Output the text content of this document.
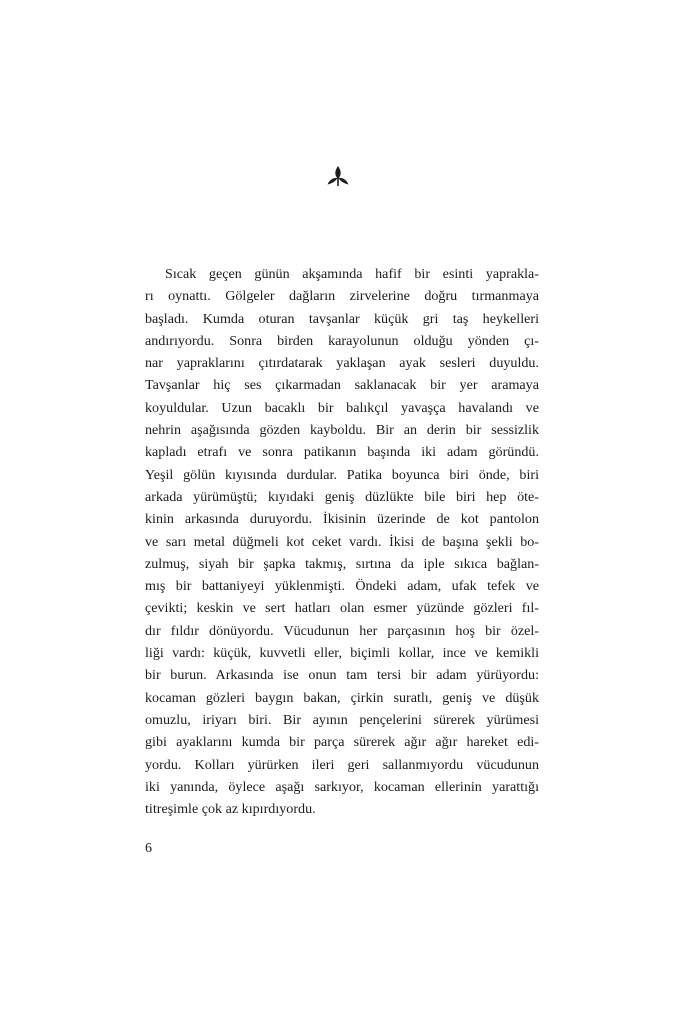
Sıcak geçen günün akşamında hafif bir esinti yaprakla-
rı oynattı. Gölgeler dağların zirvelerine doğru tırmanmaya
başladı. Kumda oturan tavşanlar küçük gri taş heykelleri
andırıyordu. Sonra birden karayolunun olduğu yönden çı-
nar yapraklarını çıtırdatarak yaklaşan ayak sesleri duyuldu.
Tavşanlar hiç ses çıkarmadan saklanacak bir yer aramaya
koyuldular. Uzun bacaklı bir balıkçıl yavaşça havalandı ve
nehrin aşağısında gözden kayboldu. Bir an derin bir sessizlik
kapladı etrafı ve sonra patikanın başında iki adam göründü.
Yeşil gölün kıyısında durdular. Patika boyunca biri önde, biri
arkada yürümüştü; kıyıdaki geniş düzlükte bile biri hep öte-
kinin arkasında duruyordu. İkisinin üzerinde de kot pantolon
ve sarı metal düğmeli kot ceket vardı. İkisi de başına şekli bo-
zulmuş, siyah bir şapka takmış, sırtına da iple sıkıca bağlan-
mış bir battaniyeyi yüklenmişti. Öndeki adam, ufak tefek ve
çevikti; keskin ve sert hatları olan esmer yüzünde gözleri fıl-
dır fıldır dönüyordu. Vücudunun her parçasının hoş bir özel-
liği vardı: küçük, kuvvetli eller, biçimli kollar, ince ve kemikli
bir burun. Arkasında ise onun tam tersi bir adam yürüyordu:
kocaman gözleri baygın bakan, çirkin suratlı, geniş ve düşük
omuzlu, iriyarı biri. Bir ayının pençelerini sürerek yürümesi
gibi ayaklarını kumda bir parça sürerek ağır ağır hareket edi-
yordu. Kolları yürürken ileri geri sallanmıyordu vücudunun
iki yanında, öylece aşağı sarkıyor, kocaman ellerinin yarattığı
titreşimle çok az kıpırdıyordu.
6
